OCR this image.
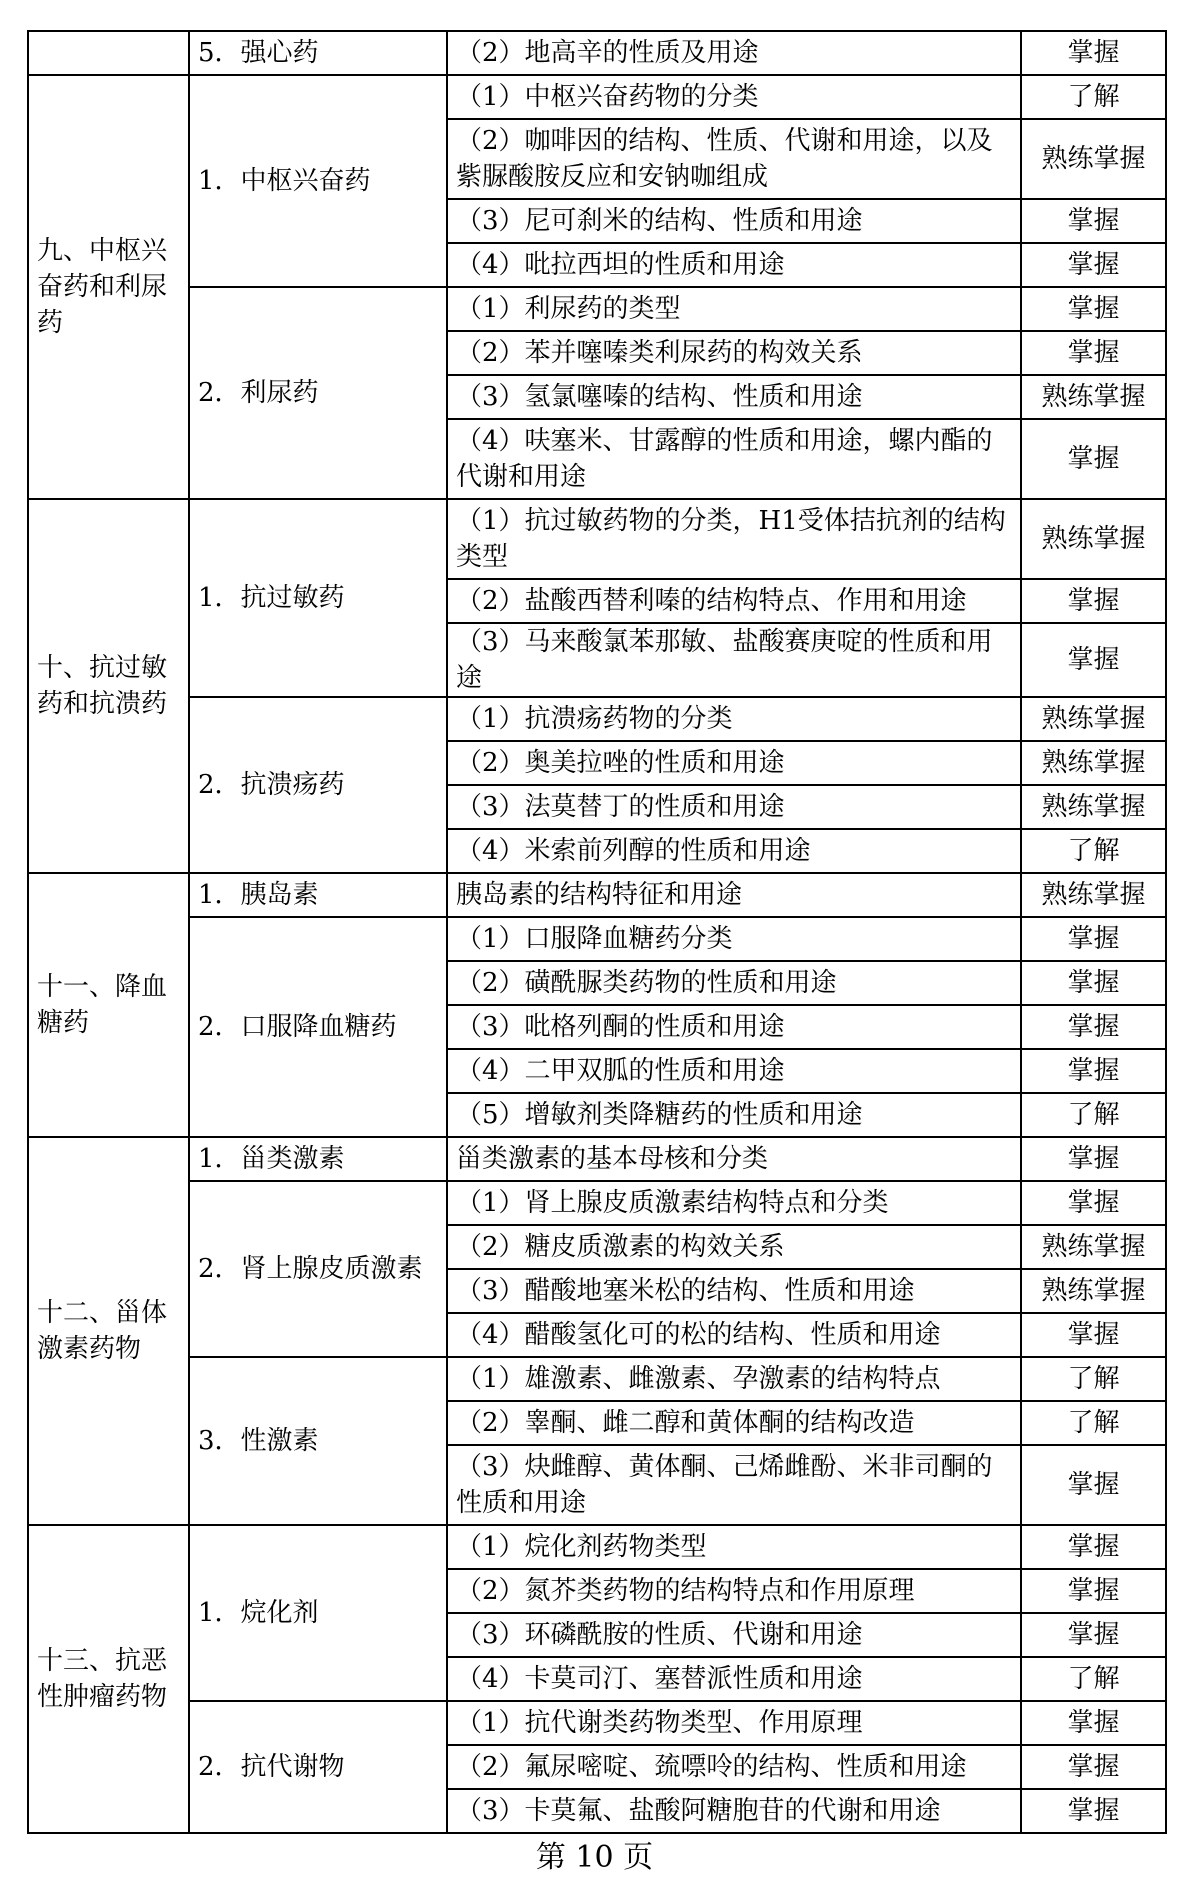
	5．强心药	（2）地高辛的性质及用途	掌握
九、中枢兴奋药和利尿药	1．中枢兴奋药	（1）中枢兴奋药物的分类	了解
		（2）咖啡因的结构、性质、代谢和用途，以及紫脲酸胺反应和安钠咖组成	熟练掌握
		（3）尼可刹米的结构、性质和用途	掌握
		（4）吡拉西坦的性质和用途	掌握
	2．利尿药	（1）利尿药的类型	掌握
		（2）苯并噻嗪类利尿药的构效关系	掌握
		（3）氢氯噻嗪的结构、性质和用途	熟练掌握
		（4）呋塞米、甘露醇的性质和用途，螺内酯的代谢和用途	掌握
十、抗过敏药和抗溃药	1．抗过敏药	（1）抗过敏药物的分类，H1受体拮抗剂的结构类型	熟练掌握
		（2）盐酸西替利嗪的结构特点、作用和用途	掌握
		（3）马来酸氯苯那敏、盐酸赛庚啶的性质和用途	掌握
	2．抗溃疡药	（1）抗溃疡药物的分类	熟练掌握
		（2）奥美拉唑的性质和用途	熟练掌握
		（3）法莫替丁的性质和用途	熟练掌握
		（4）米索前列醇的性质和用途	了解
十一、降血糖药	1．胰岛素	胰岛素的结构特征和用途	熟练掌握
	2．口服降血糖药	（1）口服降血糖药分类	掌握
		（2）磺酰脲类药物的性质和用途	掌握
		（3）吡格列酮的性质和用途	掌握
		（4）二甲双胍的性质和用途	掌握
		（5）增敏剂类降糖药的性质和用途	了解
十二、甾体激素药物	1．甾类激素	甾类激素的基本母核和分类	掌握
	2．肾上腺皮质激素	（1）肾上腺皮质激素结构特点和分类	掌握
		（2）糖皮质激素的构效关系	熟练掌握
		（3）醋酸地塞米松的结构、性质和用途	熟练掌握
		（4）醋酸氢化可的松的结构、性质和用途	掌握
	3．性激素	（1）雄激素、雌激素、孕激素的结构特点	了解
		（2）睾酮、雌二醇和黄体酮的结构改造	了解
		（3）炔雌醇、黄体酮、己烯雌酚、米非司酮的性质和用途	掌握
十三、抗恶性肿瘤药物	1．烷化剂	（1）烷化剂药物类型	掌握
		（2）氮芥类药物的结构特点和作用原理	掌握
		（3）环磷酰胺的性质、代谢和用途	掌握
		（4）卡莫司汀、塞替派性质和用途	了解
	2．抗代谢物	（1）抗代谢类药物类型、作用原理	掌握
		（2）氟尿嘧啶、巯嘌呤的结构、性质和用途	掌握
		（3）卡莫氟、盐酸阿糖胞苷的代谢和用途	掌握
第 10 页
